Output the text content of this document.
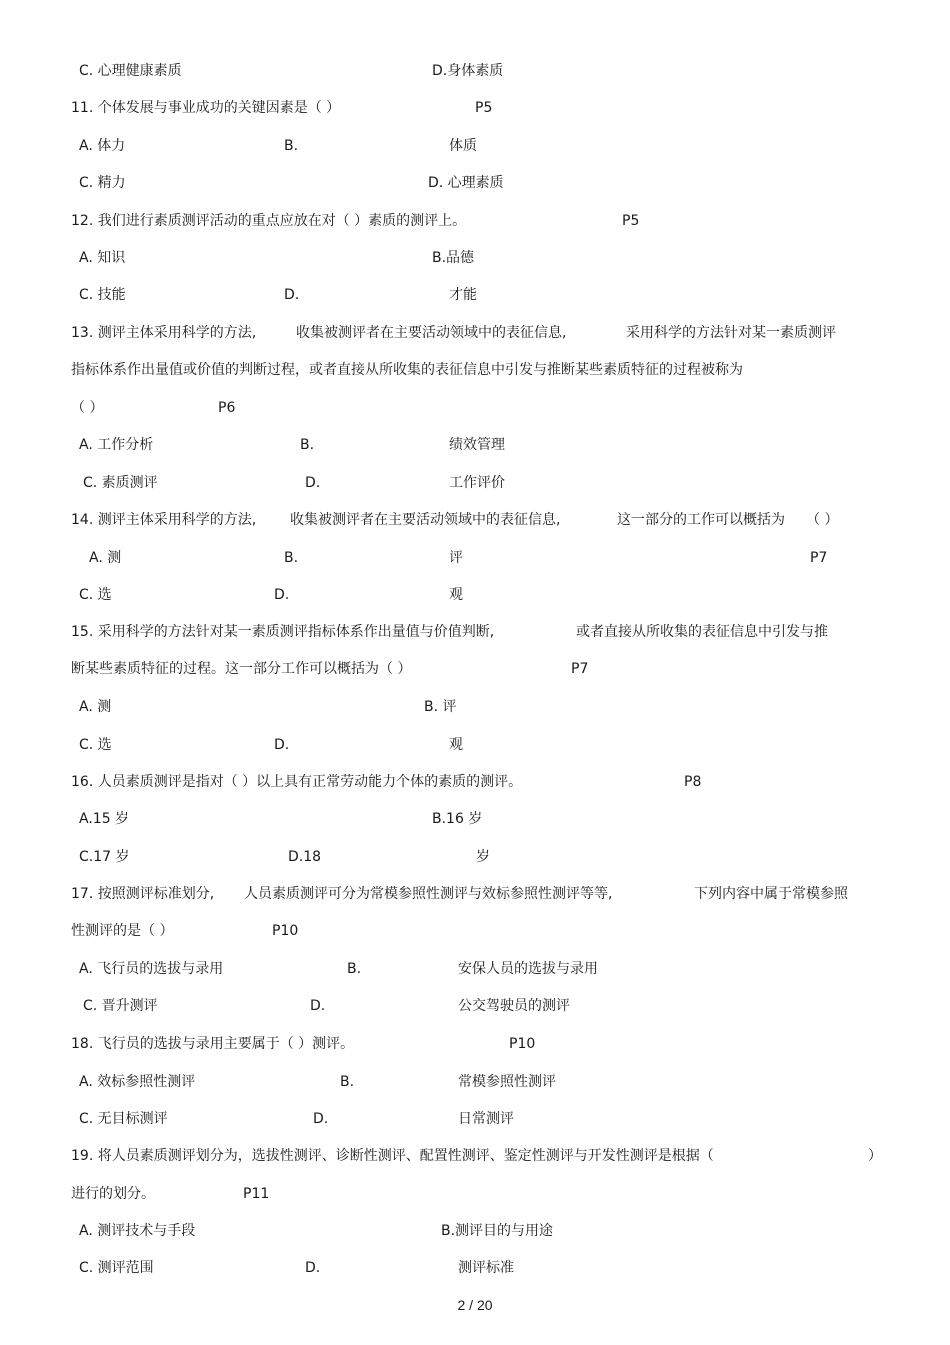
C. 心理健康素质	D.身体素质
11. 个体发展与事业成功的关键因素是（ ）	P5
A. 体力	B.	体质
C. 精力	D. 心理素质
12. 我们进行素质测评活动的重点应放在对（ ）素质的测评上。	P5
A. 知识	B.品德
C. 技能	D.	才能
13. 测评主体采用科学的方法,	收集被测评者在主要活动领域中的表征信息,	采用科学的方法针对某一素质测评
指标体系作出量值或价值的判断过程，或者直接从所收集的表征信息中引发与推断某些素质特征的过程被称为
（ ）	P6
A. 工作分析	B.	绩效管理
C. 素质测评	D.	工作评价
14. 测评主体采用科学的方法, 收集被测评者在主要活动领域中的表征信息,	这一部分的工作可以概括为 （ ）
A. 测	B.	评	P7
C. 选	D.	观
15. 采用科学的方法针对某一素质测评指标体系作出量值与价值判断,	或者直接从所收集的表征信息中引发与推
断某些素质特征的过程。这一部分工作可以概括为（ ）	P7
A. 测	B. 评
C. 选	D.	观
16. 人员素质测评是指对（ ）以上具有正常劳动能力个体的素质的测评。	P8
A.15 岁	B.16 岁
C.17 岁	D.18	岁
17. 按照测评标准划分, 人员素质测评可分为常模参照性测评与效标参照性测评等等,	下列内容中属于常模参照
性测评的是（ ）	P10
A. 飞行员的选拔与录用	B.	安保人员的选拔与录用
C. 晋升测评	D.	公交驾驶员的测评
18. 飞行员的选拔与录用主要属于（ ）测评。	P10
A. 效标参照性测评	B.	常模参照性测评
C. 无目标测评	D.	日常测评
19. 将人员素质测评划分为，选拔性测评、诊断性测评、配置性测评、鉴定性测评与开发性测评是根据（	）
进行的划分。	P11
A. 测评技术与手段	B.测评目的与用途
C. 测评范围	D.	测评标准
2 / 20
